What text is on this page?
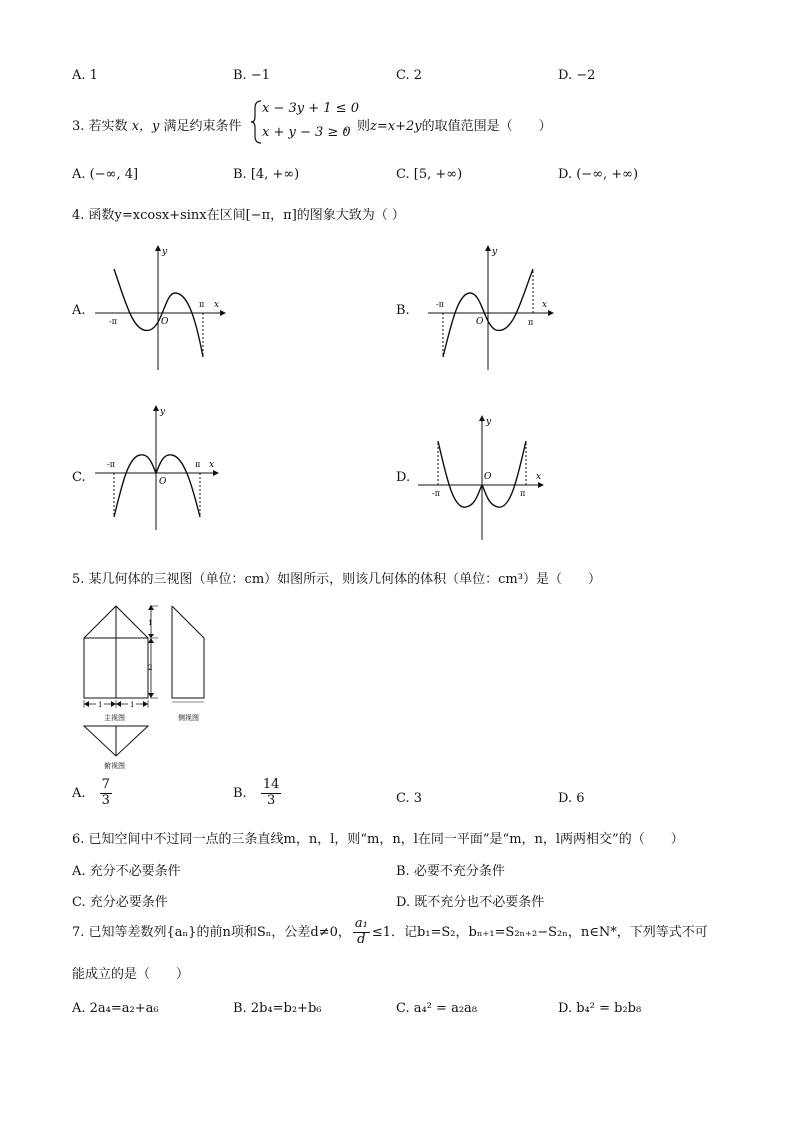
A. 1	B. −1	C. 2	D. −2
3. 若实数 x，y 满足约束条件
x − 3y + 1 ≤ 0
x + y − 3 ≥ 0
，则z=x+2y的取值范围是（　　）
A. (−∞, 4]	B. [4, +∞)	C. [5, +∞)	D. (−∞, +∞)
4. 函数y=xcosx+sinx在区间[−π，π]的图象大致为（ ）
A.	B.
C.	D.
y
x
O
-π
π
y
x
O
-π
π
y
x
O
-π	π
y
x
O
-π	π
5. 某几何体的三视图（单位：cm）如图所示，则该几何体的体积（单位：cm³）是（　　）
1
2
1	1
主视图	侧视图
俯视图
A. $\frac{7}{3}$	B. $\frac{14}{3}$	C. 3	D. 6
6. 已知空间中不过同一点的三条直线m，n，l，则“m，n，l在同一平面”是“m，n，l两两相交”的（　　）
A. 充分不必要条件	B. 必要不充分条件
C. 充分必要条件	D. 既不充分也不必要条件
7. 已知等差数列{aₙ}的前n项和Sₙ，公差d≠0， $\frac{\text{a₁}}{d} \le 1$．记b₁=S₂，bₙ₊₁=S₂ₙ₊₂−S₂ₙ，n∈N*，下列等式不可
能成立的是（　　）
A. 2a₄=a₂+a₆	B. 2b₄=b₂+b₆	C. a₄² = a₂a₈	D. b₄² = b₂b₈
